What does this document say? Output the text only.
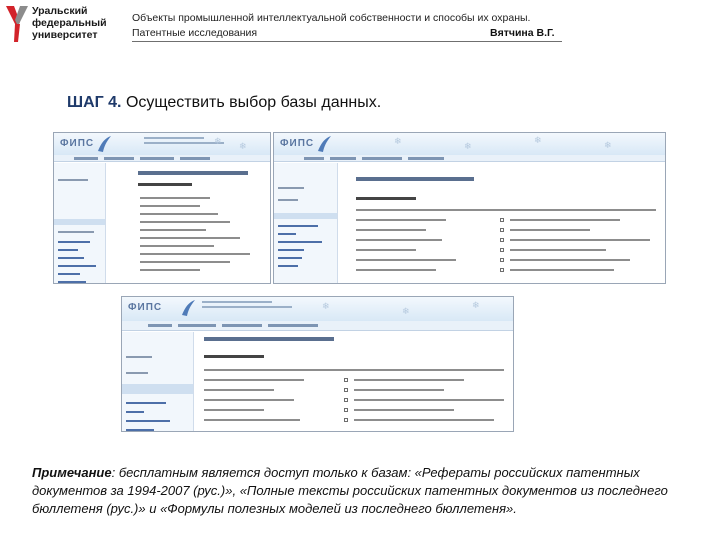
Уральский
федеральный
университет
Объекты промышленной интеллектуальной собственности и способы их охраны.
Патентные исследования	Вятчина В.Г.
ШАГ 4. Осуществить выбор базы данных.
ФИПС	❄ ❄	ФИПС	❄	❄
❄	❄
ФИПС	❄	❄
❄
Примечание: бесплатным является доступ только к базам: «Рефераты российских патентных документов за 1994-2007 (рус.)», «Полные тексты российских патентных документов из последнего бюллетеня (рус.)» и «Формулы полезных моделей из последнего бюллетеня».
